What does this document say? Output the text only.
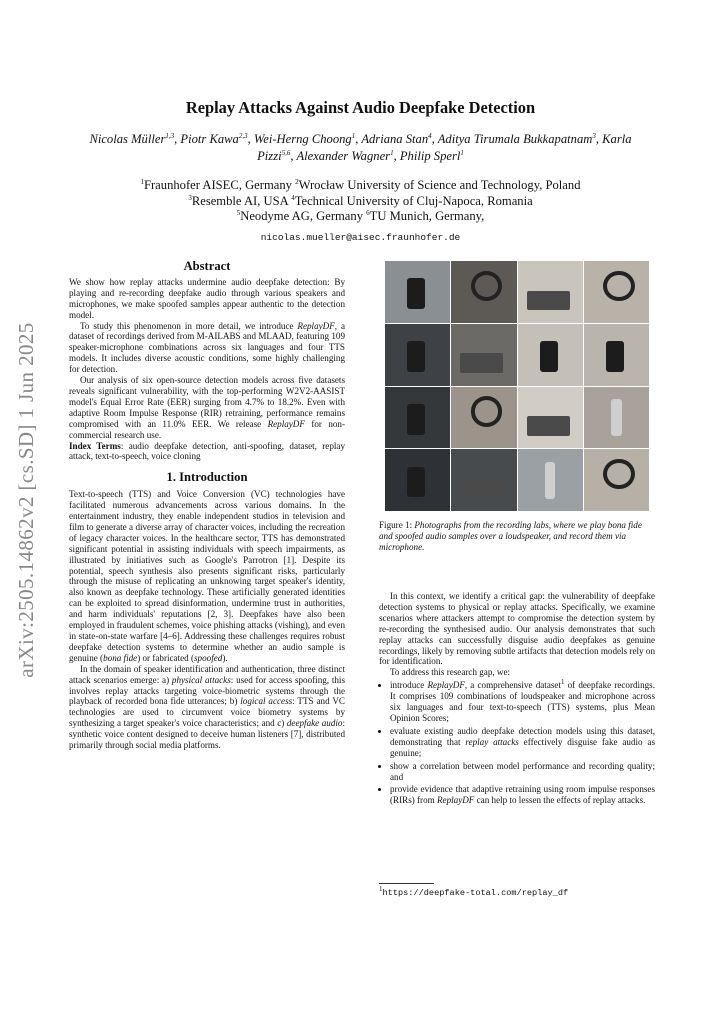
arXiv:2505.14862v2 [cs.SD] 1 Jun 2025
Replay Attacks Against Audio Deepfake Detection
Nicolas Müller$^{1,3}$, Piotr Kawa$^{2,3}$, Wei-Herng Choong$^1$, Adriana Stan$^4$, Aditya Tirumala Bukkapatnam$^3$, Karla Pizzi$^{5,6}$, Alexander Wagner$^1$, Philip Sperl$^1$
$^1$Fraunhofer AISEC, Germany $^2$Wrocław University of Science and Technology, Poland
$^3$Resemble AI, USA $^4$Technical University of Cluj-Napoca, Romania
$^5$Neodyme AG, Germany $^6$TU Munich, Germany,
nicolas.mueller@aisec.fraunhofer.de
Abstract

We show how replay attacks undermine audio deepfake detection: By playing and re-recording deepfake audio through various speakers and microphones, we make spoofed samples appear authentic to the detection model.

To study this phenomenon in more detail, we introduce ReplayDF, a dataset of recordings derived from M-AILABS and MLAAD, featuring 109 speaker-microphone combinations across six languages and four TTS models. It includes diverse acoustic conditions, some highly challenging for detection.

Our analysis of six open-source detection models across five datasets reveals significant vulnerability, with the top-performing W2V2-AASIST model's Equal Error Rate (EER) surging from 4.7% to 18.2%. Even with adaptive Room Impulse Response (RIR) retraining, performance remains compromised with an 11.0% EER. We release ReplayDF for non-commercial research use.

Index Terms: audio deepfake detection, anti-spoofing, dataset, replay attack, text-to-speech, voice cloning

1. Introduction

Text-to-speech (TTS) and Voice Conversion (VC) technologies have facilitated numerous advancements across various domains. In the entertainment industry, they enable independent studios in television and film to generate a diverse array of character voices, including the recreation of legacy character voices. In the healthcare sector, TTS has demonstrated significant potential in assisting individuals with speech impairments, as illustrated by initiatives such as Google's Parrotron [1]. Despite its potential, speech synthesis also presents significant risks, particularly through the misuse of replicating an unknowing target speaker's identity, also known as deepfake technology. These artificially generated identities can be exploited to spread disinformation, undermine trust in authorities, and harm individuals' reputations [2, 3]. Deepfakes have also been employed in fraudulent schemes, voice phishing attacks (vishing), and even in state-on-state warfare [4–6]. Addressing these challenges requires robust deepfake detection systems to determine whether an audio sample is genuine (bona fide) or fabricated (spoofed).

In the domain of speaker identification and authentication, three distinct attack scenarios emerge: a) physical attacks: used for access spoofing, this involves replay attacks targeting voice-biometric systems through the playback of recorded bona fide utterances; b) logical access: TTS and VC technologies are used to circumvent voice biometry systems by synthesizing a target speaker's voice characteristics; and c) deepfake audio: synthetic voice content designed to deceive human listeners [7], distributed primarily through social media platforms.

Figure 1: Photographs from the recording labs, where we play bona fide and spoofed audio samples over a loudspeaker, and record them via microphone.

In this context, we identify a critical gap: the vulnerability of deepfake detection systems to physical or replay attacks. Specifically, we examine scenarios where attackers attempt to compromise the detection system by re-recording the synthesised audio. Our analysis demonstrates that such replay attacks can successfully disguise audio deepfakes as genuine recordings, likely by removing subtle artifacts that detection models rely on for identification.

To address this research gap, we:

• introduce ReplayDF, a comprehensive dataset$^1$ of deepfake recordings. It comprises 109 combinations of loudspeaker and microphone across six languages and four text-to-speech (TTS) systems, plus Mean Opinion Scores;
• evaluate existing audio deepfake detection models using this dataset, demonstrating that replay attacks effectively disguise fake audio as genuine;
• show a correlation between model performance and recording quality; and
• provide evidence that adaptive retraining using room impulse responses (RIRs) from ReplayDF can help to lessen the effects of replay attacks.
$^1$https://deepfake-total.com/replay_df
